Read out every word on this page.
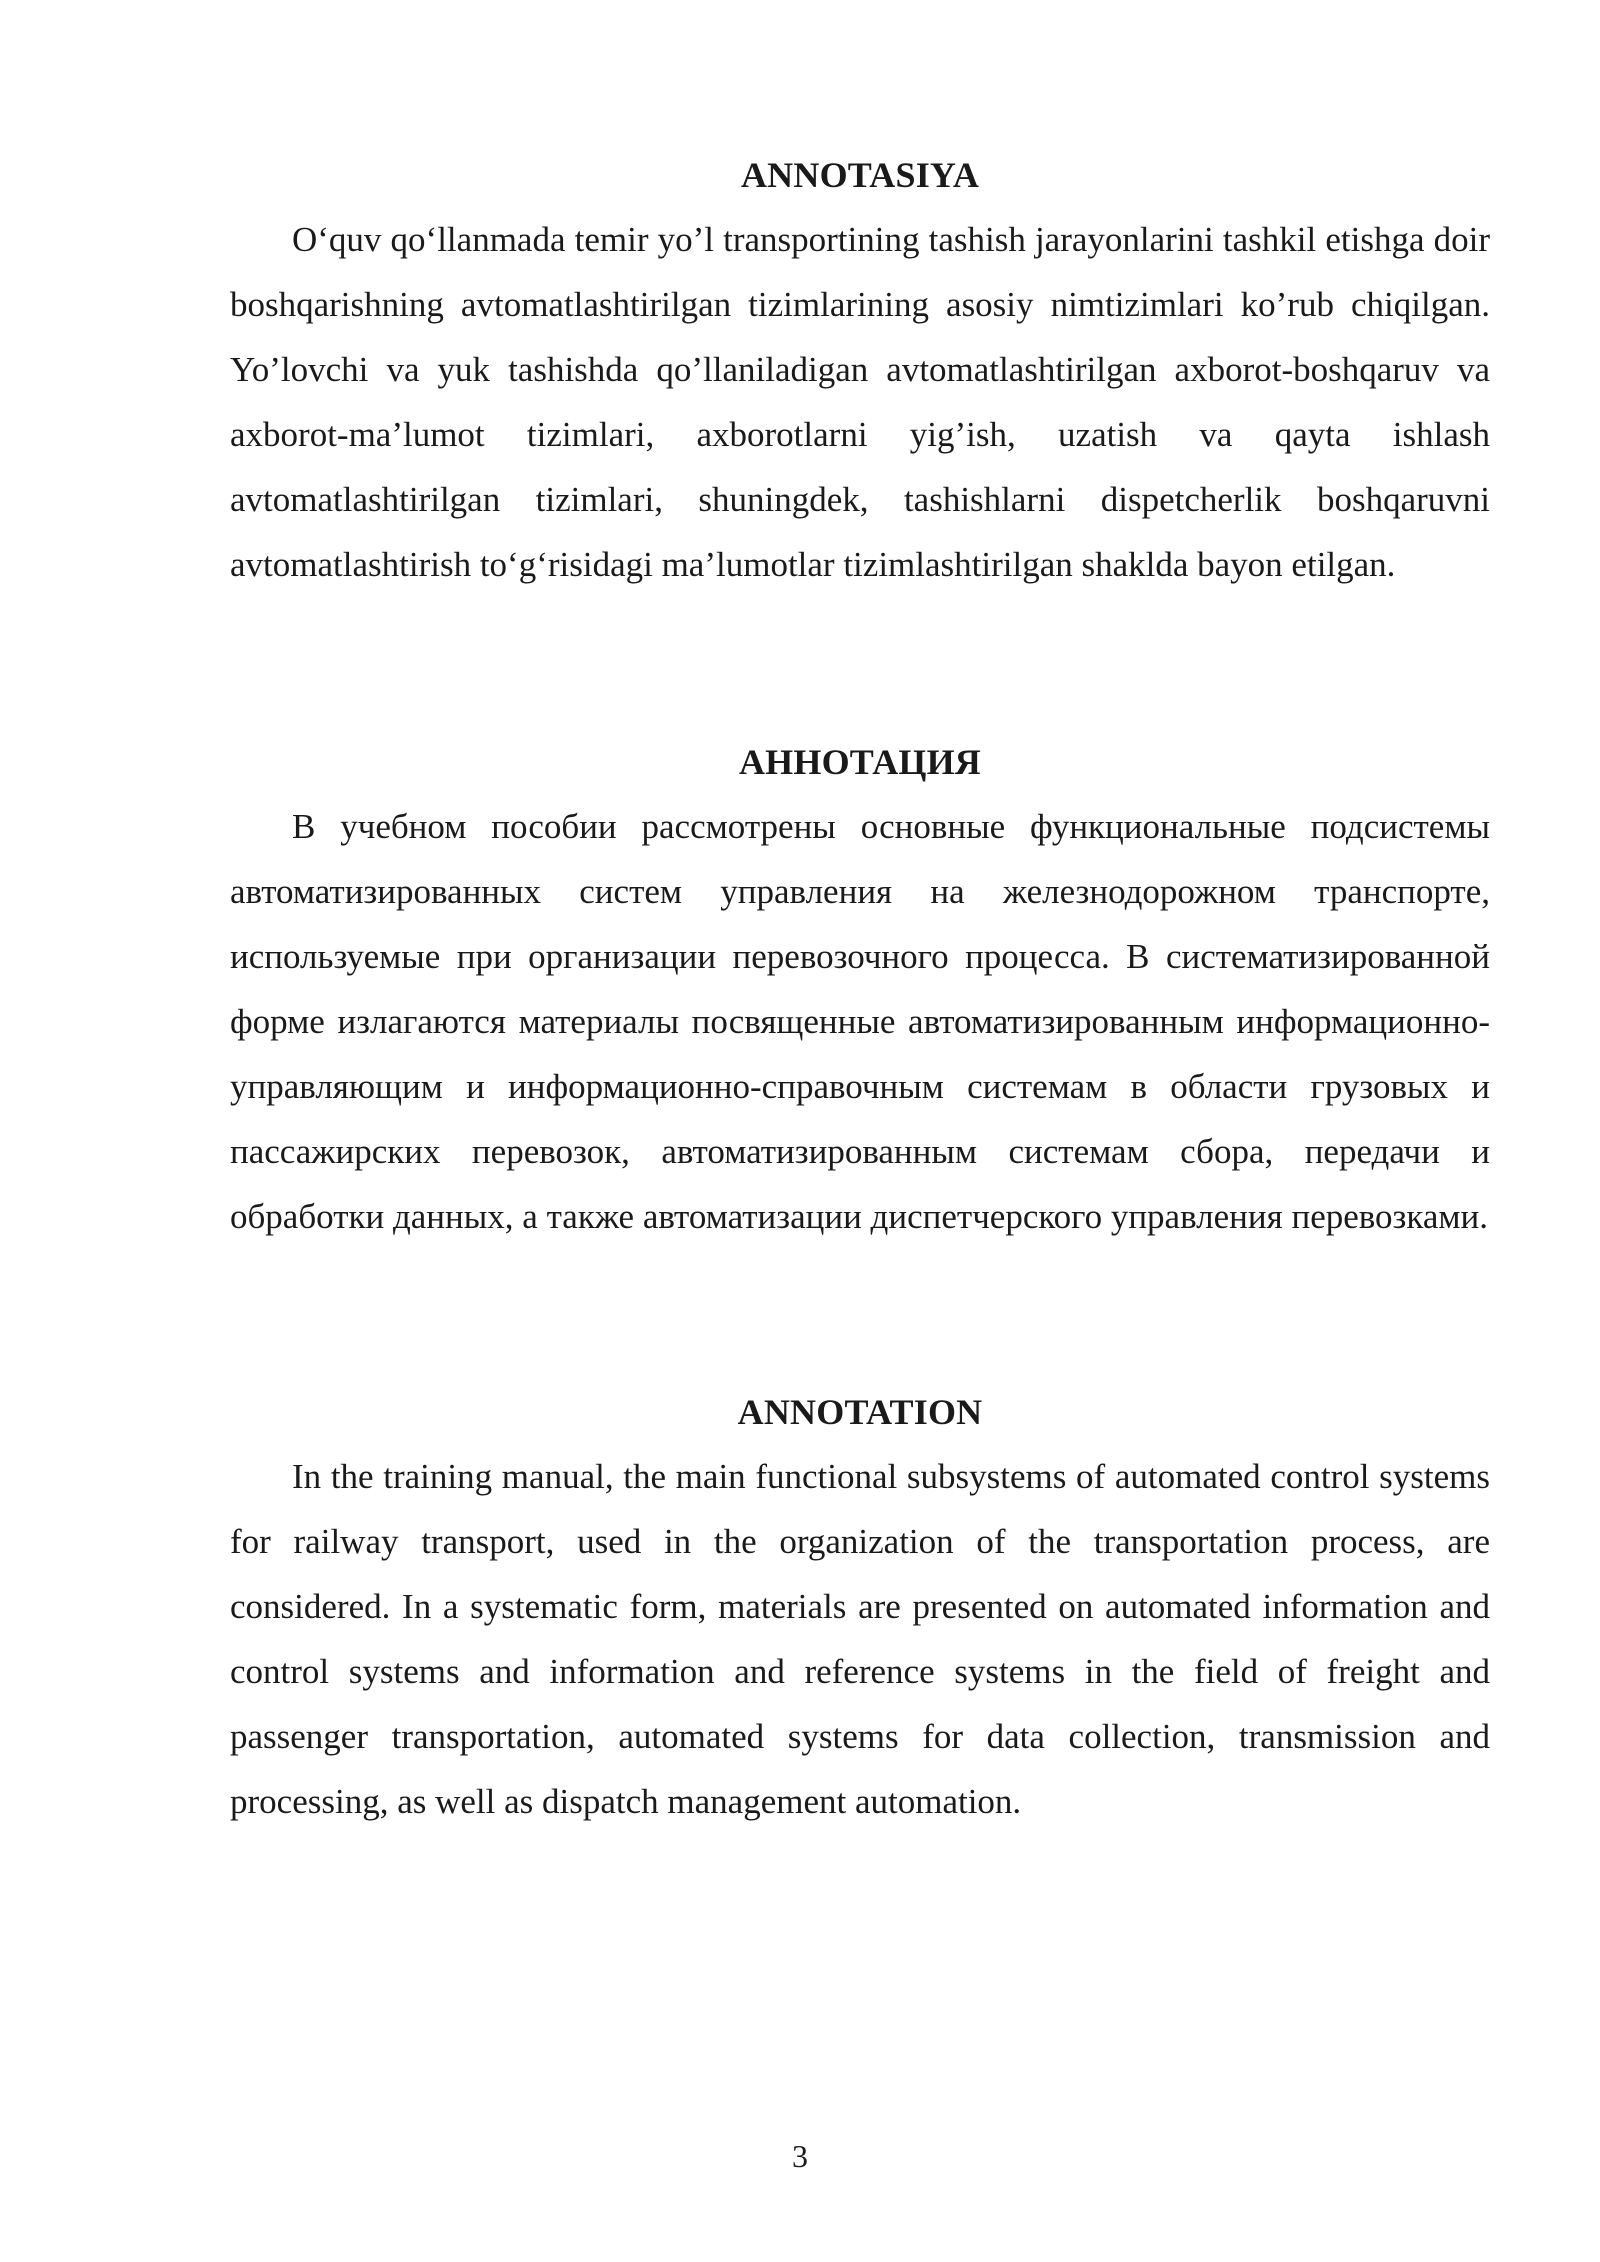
ANNOTASIYA

O‘quv qo‘llanmada temir yo’l transportining tashish jarayonlarini tashkil etishga doir boshqarishning avtomatlashtirilgan tizimlarining asosiy nimtizimlari ko’rub chiqilgan. Yo’lovchi va yuk tashishda qo’llaniladigan avtomatlashtirilgan axborot-boshqaruv va axborot-ma’lumot tizimlari, axborotlarni yig’ish, uzatish va qayta ishlash avtomatlashtirilgan tizimlari, shuningdek, tashishlarni dispetcherlik boshqaruvni avtomatlashtirish to‘g‘risidagi ma’lumotlar tizimlashtirilgan shaklda bayon etilgan.

АННОТАЦИЯ

В учебном пособии рассмотрены основные функциональные подсистемы автоматизированных систем управления на железнодорожном транспорте, используемые при организации перевозочного процесса. В систематизированной форме излагаются материалы посвященные автоматизированным информационно-управляющим и информационно-справочным системам в области грузовых и пассажирских перевозок, автоматизированным системам сбора, передачи и обработки данных, а также автоматизации диспетчерского управления перевозками.

ANNOTATION

In the training manual, the main functional subsystems of automated control systems for railway transport, used in the organization of the transportation process, are considered. In a systematic form, materials are presented on automated information and control systems and information and reference systems in the field of freight and passenger transportation, automated systems for data collection, transmission and processing, as well as dispatch management automation.

3
